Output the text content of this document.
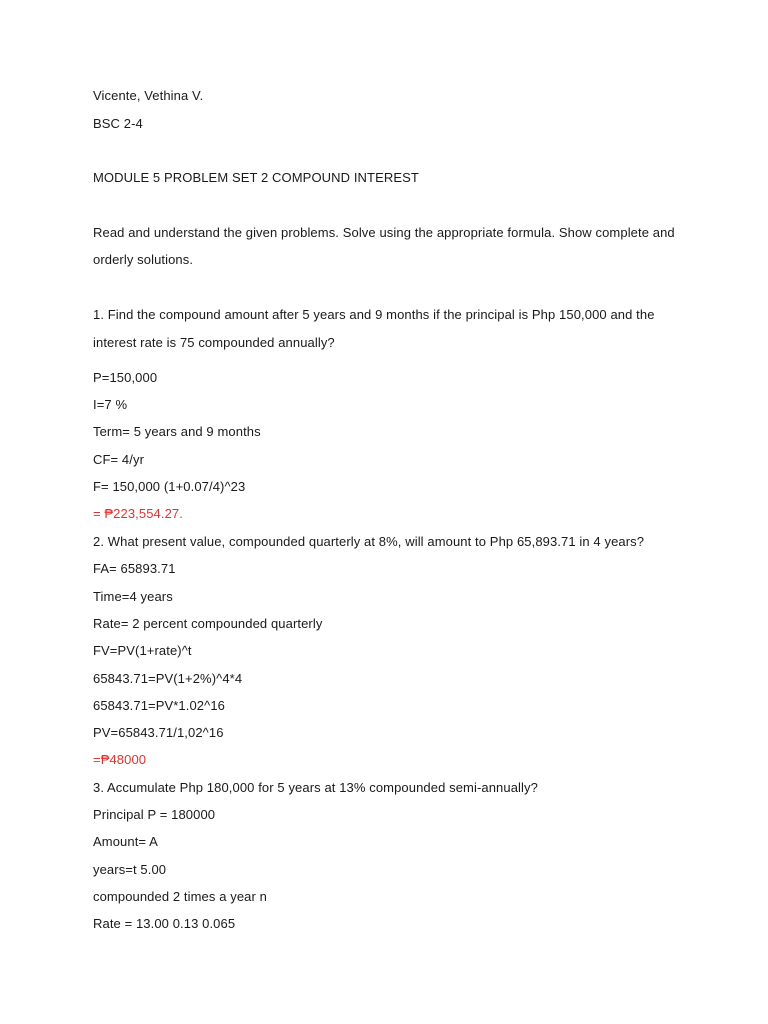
Vicente, Vethina V.
BSC 2-4
MODULE 5 PROBLEM SET 2 COMPOUND INTEREST
Read and understand the given problems. Solve using the appropriate formula. Show complete and
orderly solutions.
1. Find the compound amount after 5 years and 9 months if the principal is Php 150,000 and the
interest rate is 75 compounded annually?
P=150,000
I=7 %
Term= 5 years and 9 months
CF= 4/yr
F= 150,000 (1+0.07/4)^23
= ₱223,554.27.
2. What present value, compounded quarterly at 8%, will amount to Php 65,893.71 in 4 years?
FA= 65893.71
Time=4 years
Rate= 2 percent compounded quarterly
FV=PV(1+rate)^t
65843.71=PV(1+2%)^4*4
65843.71=PV*1.02^16
PV=65843.71/1,02^16
=₱48000
3. Accumulate Php 180,000 for 5 years at 13% compounded semi-annually?
Principal P = 180000
Amount= A
years=t 5.00
compounded 2 times a year n
Rate = 13.00 0.13 0.065
